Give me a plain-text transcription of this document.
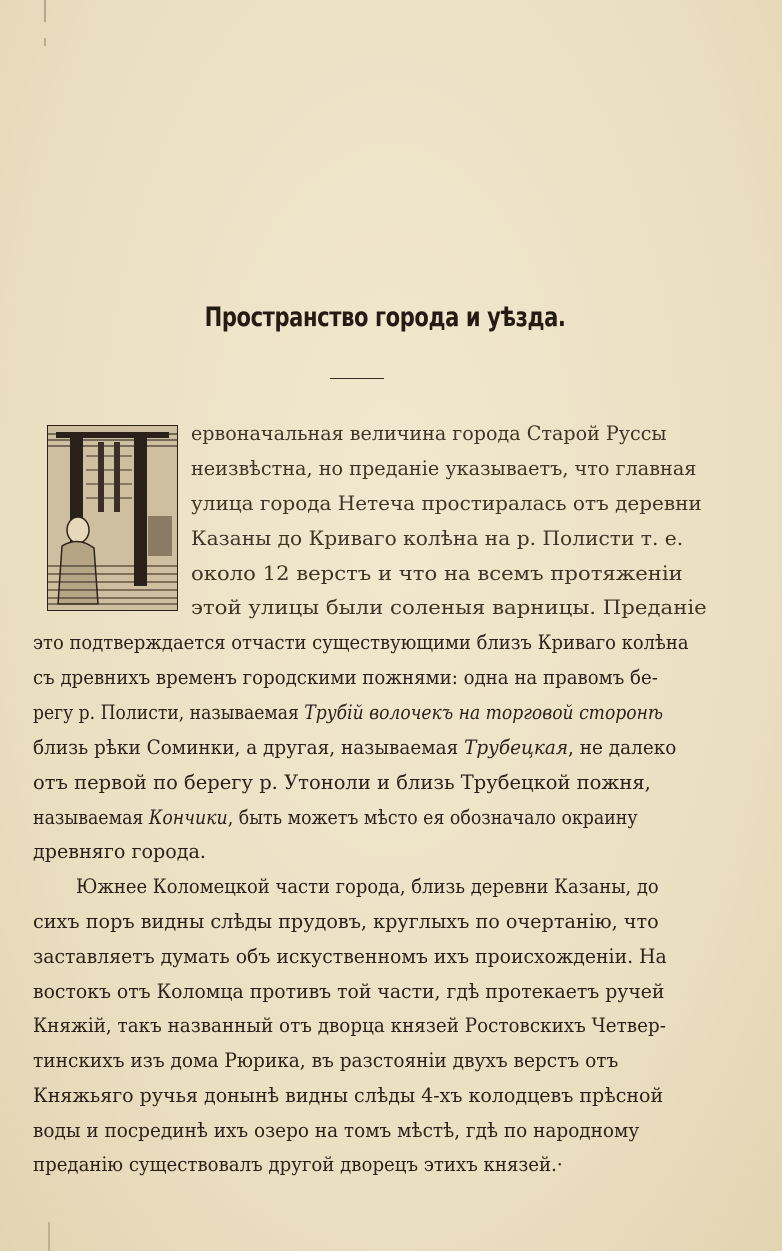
Пространство города и уѣзда.
ервоначальная величина города Старой Руссы
неизвѣстна, но преданіе указываетъ, что главная
улица города Нетеча простиралась отъ деревни
Казаны до Криваго колѣна на р. Полисти т. е.
около 12 верстъ и что на всемъ протяженіи
этой улицы были соленыя варницы. Преданіе
это подтверждается отчасти существующими близъ Криваго колѣна
съ древнихъ временъ городскими пожнями: одна на правомъ бе-
регу р. Полисти, называемая Трубій волочекъ на торговой сторонѣ
близь рѣки Соминки, а другая, называемая Трубецкая, не далеко
отъ первой по берегу р. Утоноли и близь Трубецкой пожня,
называемая Кончики, быть можетъ мѣсто ея обозначало окраину
древняго города.
Южнее Коломецкой части города, близь деревни Казаны, до
сихъ поръ видны слѣды прудовъ, круглыхъ по очертанію, что
заставляетъ думать объ искуственномъ ихъ происхожденіи. На
востокъ отъ Коломца противъ той части, гдѣ протекаетъ ручей
Княжій, такъ названный отъ дворца князей Ростовскихъ Четвер-
тинскихъ изъ дома Рюрика, въ разстояніи двухъ верстъ отъ
Княжьяго ручья донынѣ видны слѣды 4-хъ колодцевъ прѣсной
воды и посрединѣ ихъ озеро на томъ мѣстѣ, гдѣ по народному
преданію существовалъ другой дворецъ этихъ князей.·
